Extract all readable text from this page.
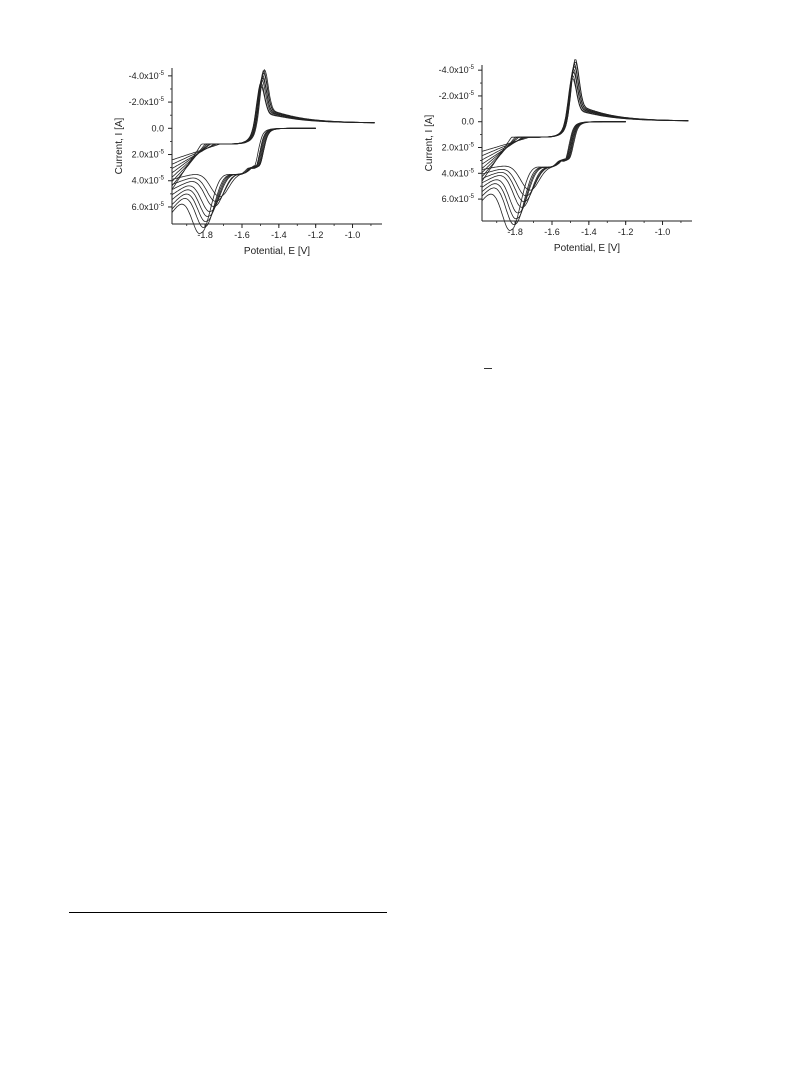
-1.8 -1.6 -1.4 -1.2 -1.0
$-4.0x10^{-5}$
$-2.0x10^{-5}$
0.0
$2.0x10^{-5}$
$4.0x10^{-5}$
$6.0x10^{-5}$
Potential, E [V]
Current, I [A]
-1.8 -1.6 -1.4 -1.2 -1.0
$-4.0x10^{-5}$
$-2.0x10^{-5}$
0.0
$2.0x10^{-5}$
$4.0x10^{-5}$
$6.0x10^{-5}$
Potential, E [V]
Current, I [A]
